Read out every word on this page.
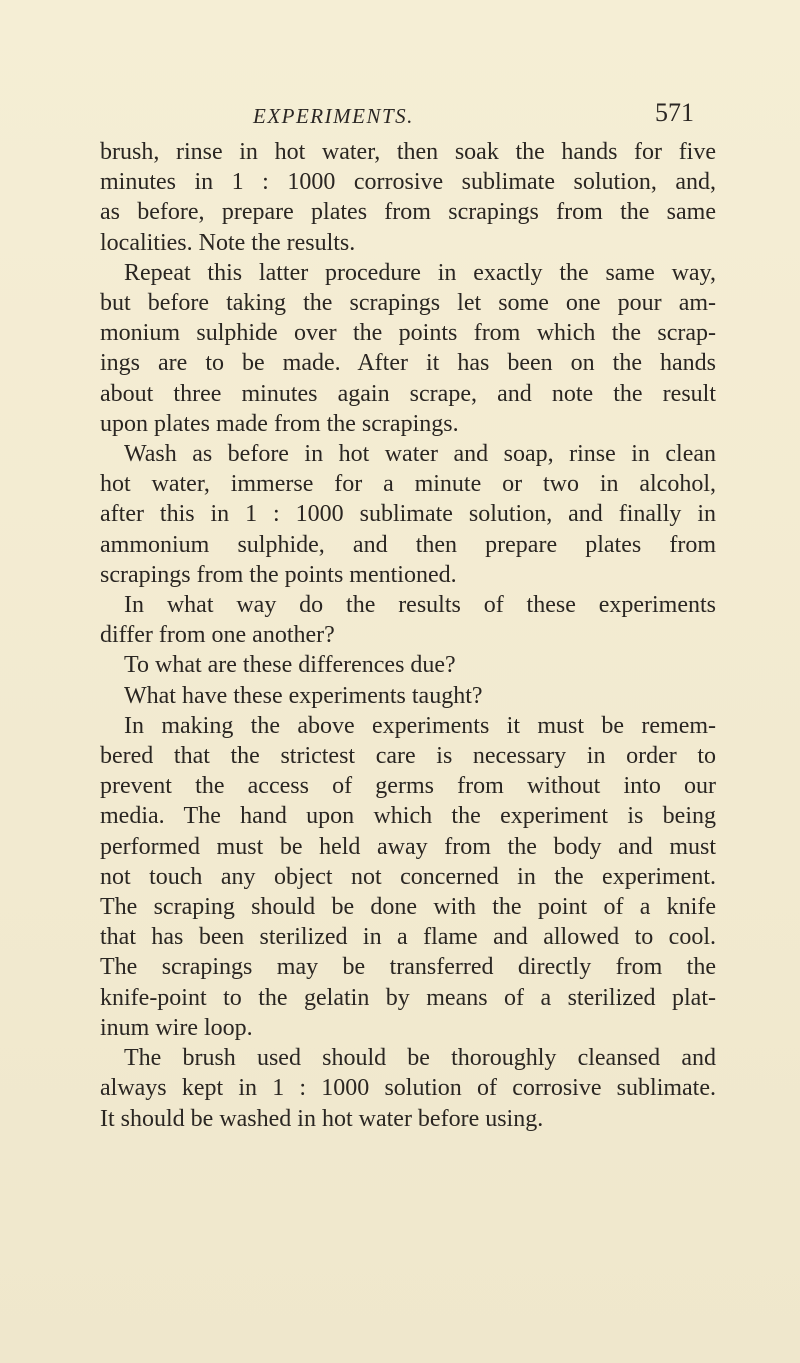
EXPERIMENTS.	571
brush, rinse in hot water, then soak the hands for five
minutes in 1 : 1000 corrosive sublimate solution, and,
as before, prepare plates from scrapings from the same
localities. Note the results.
Repeat this latter procedure in exactly the same way,
but before taking the scrapings let some one pour am-
monium sulphide over the points from which the scrap-
ings are to be made. After it has been on the hands
about three minutes again scrape, and note the result
upon plates made from the scrapings.
Wash as before in hot water and soap, rinse in clean
hot water, immerse for a minute or two in alcohol,
after this in 1 : 1000 sublimate solution, and finally in
ammonium sulphide, and then prepare plates from
scrapings from the points mentioned.
In what way do the results of these experiments
differ from one another?
To what are these differences due?
What have these experiments taught?
In making the above experiments it must be remem-
bered that the strictest care is necessary in order to
prevent the access of germs from without into our
media. The hand upon which the experiment is being
performed must be held away from the body and must
not touch any object not concerned in the experiment.
The scraping should be done with the point of a knife
that has been sterilized in a flame and allowed to cool.
The scrapings may be transferred directly from the
knife-point to the gelatin by means of a sterilized plat-
inum wire loop.
The brush used should be thoroughly cleansed and
always kept in 1 : 1000 solution of corrosive sublimate.
It should be washed in hot water before using.
